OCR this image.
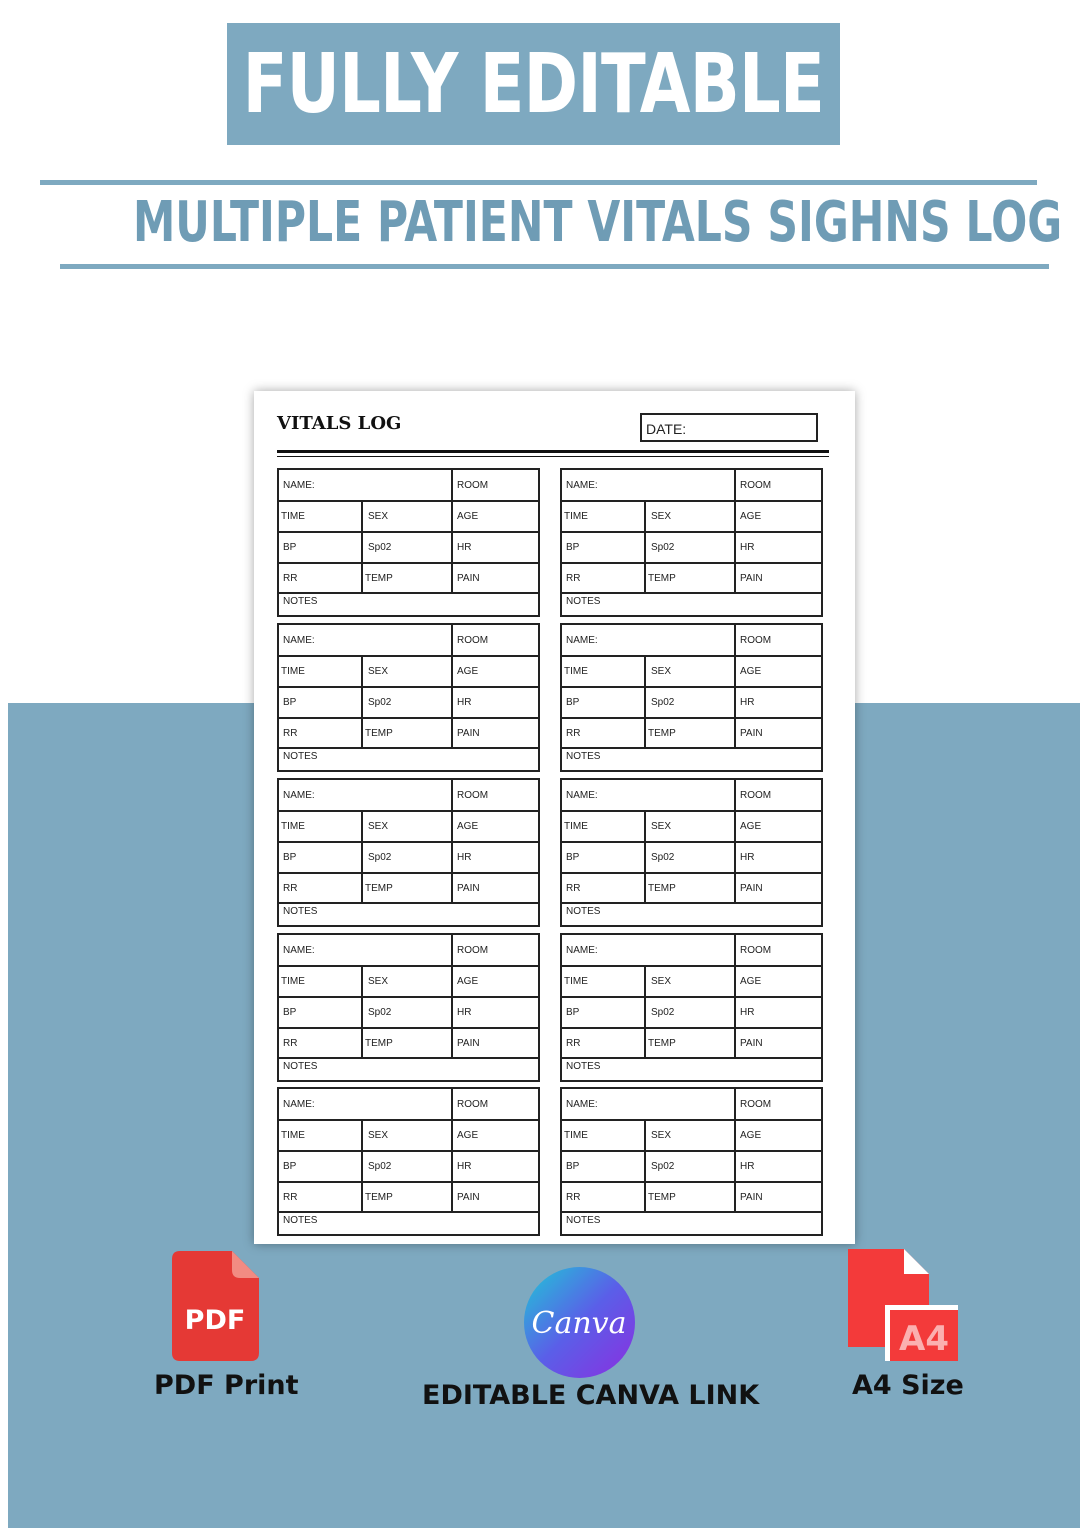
FULLY EDITABLE
MULTIPLE PATIENT VITALS SIGHNS LOG
VITALS LOG	DATE:
NAME:	ROOM
TIME	SEX	AGE
BP	Sp02	HR
RR	TEMP	PAIN
NOTES
NAME:	ROOM
TIME	SEX	AGE
BP	Sp02	HR
RR	TEMP	PAIN
NOTES
NAME:	ROOM
TIME	SEX	AGE
BP	Sp02	HR
RR	TEMP	PAIN
NOTES
NAME:	ROOM
TIME	SEX	AGE
BP	Sp02	HR
RR	TEMP	PAIN
NOTES
NAME:	ROOM
TIME	SEX	AGE
BP	Sp02	HR
RR	TEMP	PAIN
NOTES
NAME:	ROOM
TIME	SEX	AGE
BP	Sp02	HR
RR	TEMP	PAIN
NOTES
NAME:	ROOM
TIME	SEX	AGE
BP	Sp02	HR
RR	TEMP	PAIN
NOTES
NAME:	ROOM
TIME	SEX	AGE
BP	Sp02	HR
RR	TEMP	PAIN
NOTES
NAME:	ROOM
TIME	SEX	AGE
BP	Sp02	HR
RR	TEMP	PAIN
NOTES
NAME:	ROOM
TIME	SEX	AGE
BP	Sp02	HR
RR	TEMP	PAIN
NOTES
PDF
PDF Print
Canva
EDITABLE CANVA LINK
A4
A4 Size
